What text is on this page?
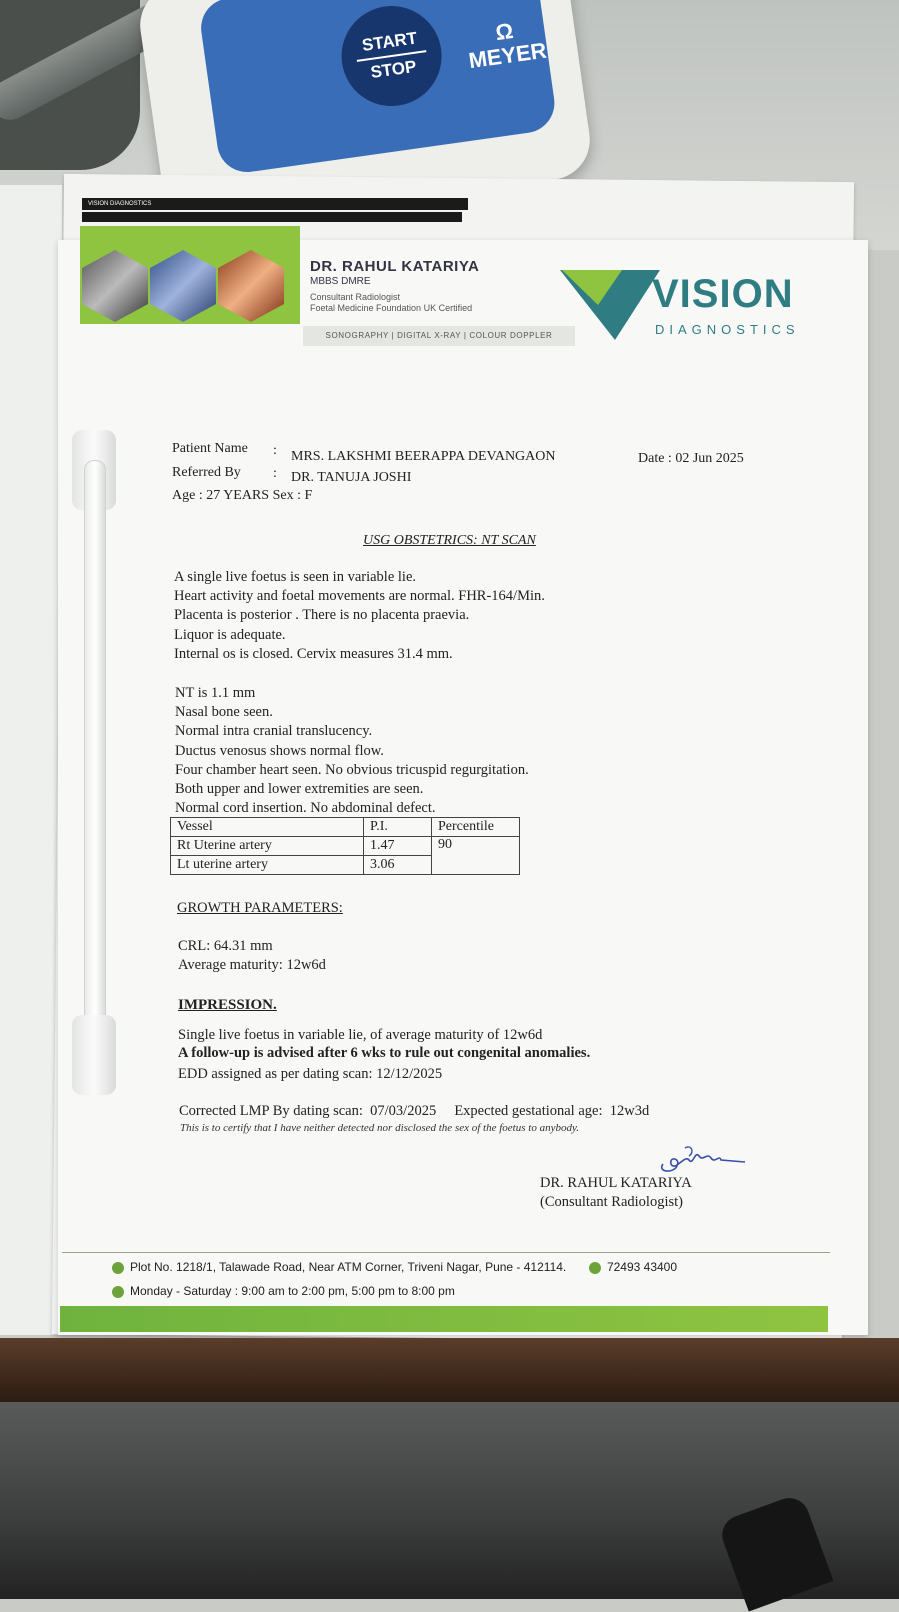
START
STOP
Ω MEYER
VISION DIAGNOSTICS
DR. RAHUL KATARIYA
MBBS DMRE
Consultant Radiologist
Foetal Medicine Foundation UK Certified
SONOGRAPHY | DIGITAL X-RAY | COLOUR DOPPLER
VISION
DIAGNOSTICS
Patient Name : MRS. LAKSHMI BEERAPPA DEVANGAON	Date : 02 Jun 2025
Referred By : DR. TANUJA JOSHI
Age : 27 YEARS Sex : F
USG OBSTETRICS: NT SCAN
A single live foetus is seen in variable lie.
Heart activity and foetal movements are normal. FHR-164/Min.
Placenta is posterior . There is no placenta praevia.
Liquor is adequate.
Internal os is closed. Cervix measures 31.4 mm.
NT is 1.1 mm
Nasal bone seen.
Normal intra cranial translucency.
Ductus venosus shows normal flow.
Four chamber heart seen. No obvious tricuspid regurgitation.
Both upper and lower extremities are seen.
Normal cord insertion. No abdominal defect.
Vessel	P.I.	Percentile
Rt Uterine artery	1.47	90
Lt uterine artery	3.06	
GROWTH PARAMETERS:
CRL: 64.31 mm
Average maturity: 12w6d
IMPRESSION.
Single live foetus in variable lie, of average maturity of 12w6d
A follow-up is advised after 6 wks to rule out congenital anomalies.
EDD assigned as per dating scan: 12/12/2025
Corrected LMP By dating scan:  07/03/2025     Expected gestational age:  12w3d
This is to certify that I have neither detected nor disclosed the sex of the foetus to anybody.
DR. RAHUL KATARIYA
(Consultant Radiologist)
Plot No. 1218/1, Talawade Road, Near ATM Corner, Triveni Nagar, Pune - 412114.	72493 43400
Monday - Saturday : 9:00 am to 2:00 pm, 5:00 pm to 8:00 pm
